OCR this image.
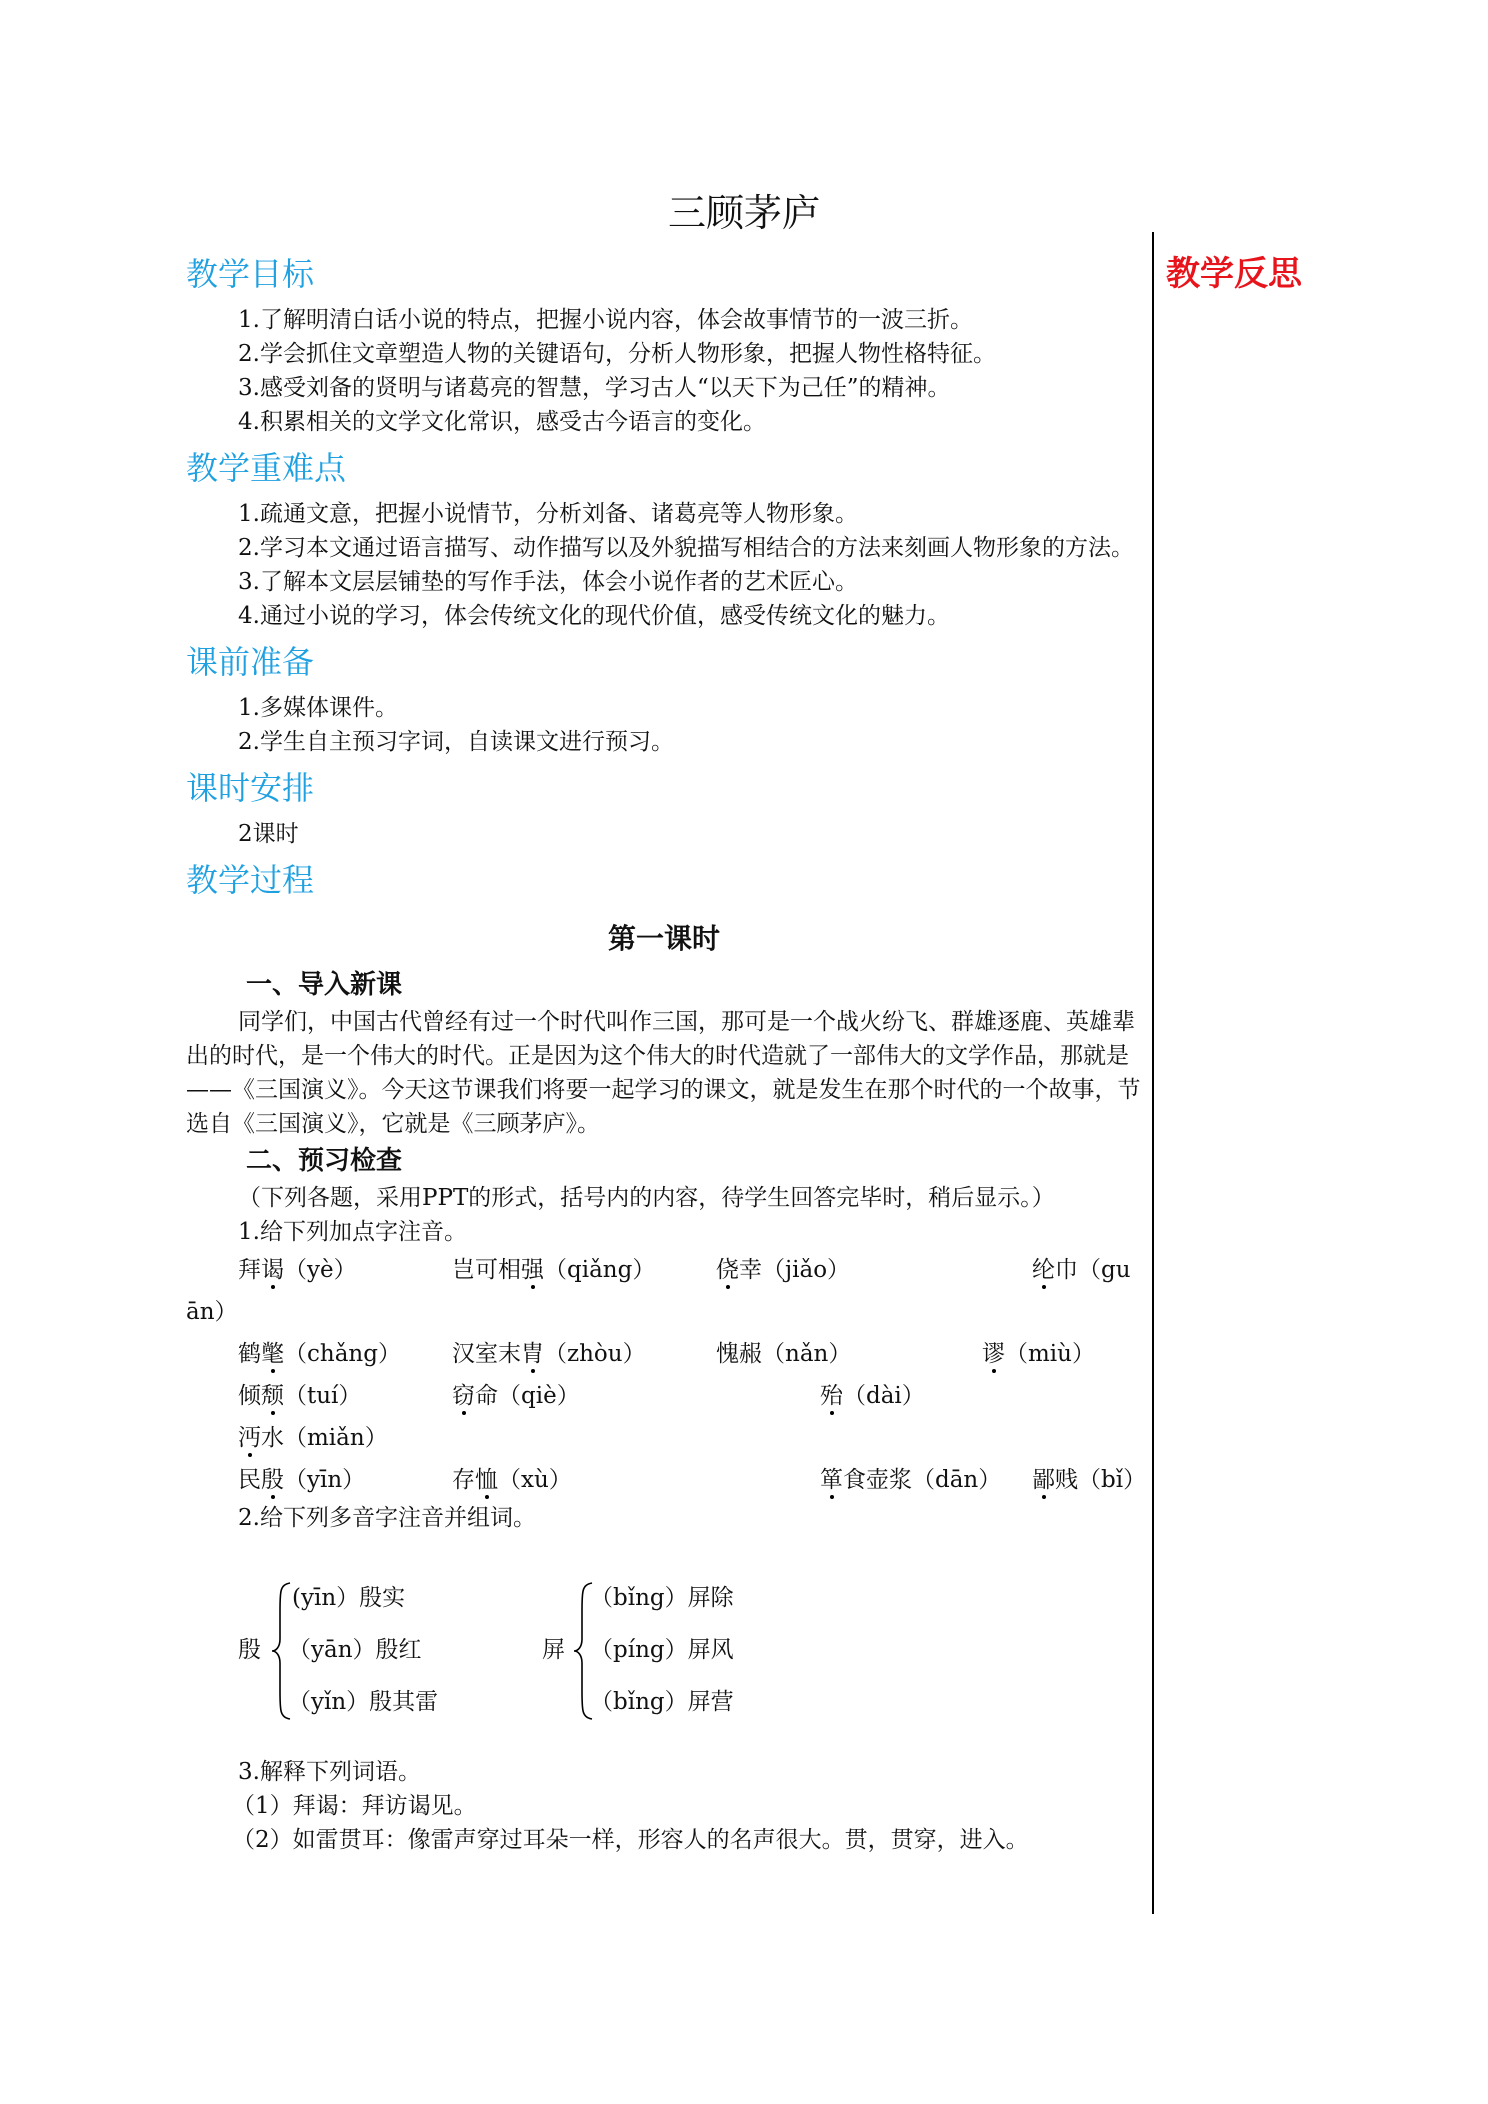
三顾茅庐
教学反思
教学目标

1.了解明清白话小说的特点，把握小说内容，体会故事情节的一波三折。

2.学会抓住文章塑造人物的关键语句，分析人物形象，把握人物性格特征。

3.感受刘备的贤明与诸葛亮的智慧，学习古人“以天下为己任”的精神。

4.积累相关的文学文化常识，感受古今语言的变化。

教学重难点

1.疏通文意，把握小说情节，分析刘备、诸葛亮等人物形象。

2.学习本文通过语言描写、动作描写以及外貌描写相结合的方法来刻画人物形象的方法。

3.了解本文层层铺垫的写作手法，体会小说作者的艺术匠心。

4.通过小说的学习，体会传统文化的现代价值，感受传统文化的魅力。

课前准备

1.多媒体课件。

2.学生自主预习字词，自读课文进行预习。

课时安排

2课时

教学过程
第一课时
一、导入新课

同学们，中国古代曾经有过一个时代叫作三国，那可是一个战火纷飞、群雄逐鹿、英雄辈出的时代，是一个伟大的时代。正是因为这个伟大的时代造就了一部伟大的文学作品，那就是——《三国演义》。今天这节课我们将要一起学习的课文，就是发生在那个时代的一个故事，节选自《三国演义》，它就是《三顾茅庐》。

二、预习检查

（下列各题，采用PPT的形式，括号内的内容，待学生回答完毕时，稍后显示。）

1.给下列加点字注音。

拜谒（yè）	岂可相强（qiǎng）	侥幸（jiǎo）	纶巾（gu
ān）
鹤氅（chǎng） 汉室末胄（zhòu）	愧赧（nǎn）	谬（miù）
倾颓（tuí）	窃命（qiè）	殆（dài）
沔水（miǎn）
民殷（yīn）	存恤（xù）	箪食壶浆（dān） 鄙贱（bǐ）

2.给下列多音字注音并组词。

殷
(yīn）殷实
（yān）殷红
（yǐn）殷其雷
屏
（bǐng）屏除
（píng）屏风
（bǐng）屏营

3.解释下列词语。

（1）拜谒：拜访谒见。

（2）如雷贯耳：像雷声穿过耳朵一样，形容人的名声很大。贯，贯穿，进入。
